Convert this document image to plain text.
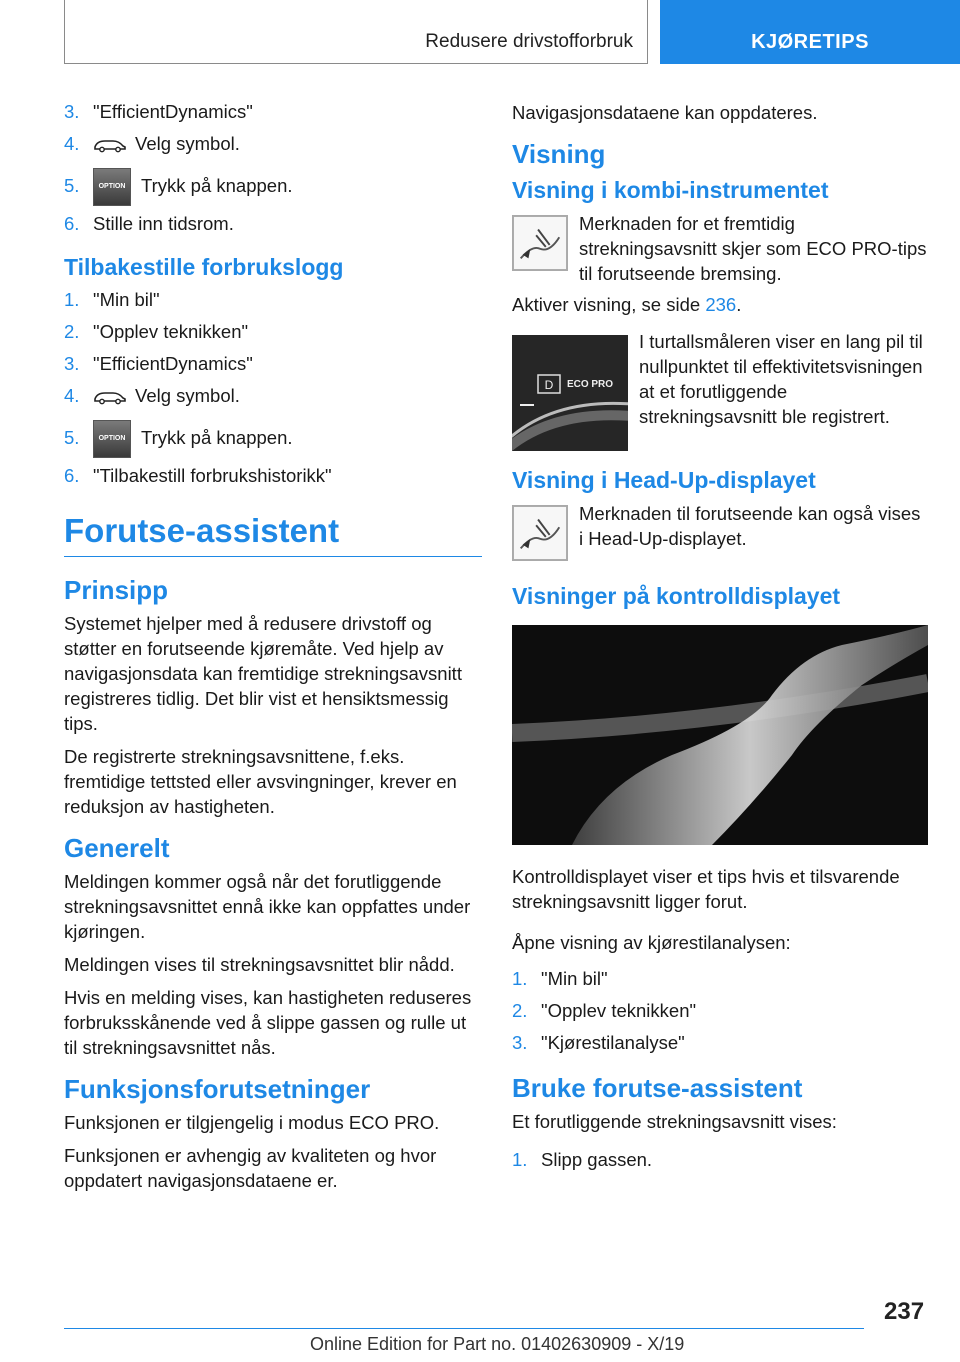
Redusere drivstofforbruk	KJØRETIPS
3. "EfficientDynamics"
4.	Velg symbol.
5.	OPTION Trykk på knappen.
6. Stille inn tidsrom.
Tilbakestille forbrukslogg
1. "Min bil"
2. "Opplev teknikken"
3. "EfficientDynamics"
4.	Velg symbol.
5.	OPTION Trykk på knappen.
6. "Tilbakestill forbrukshistorikk"
Forutse-assistent
Prinsipp

Systemet hjelper med å redusere drivstoff og støtter en forutseende kjøremåte. Ved hjelp av navigasjonsdata kan fremtidige strekningsavsnitt registreres tidlig. Det blir vist et hensiktsmessig tips.

De registrerte strekningsavsnittene, f.eks. fremtidige tettsted eller avsvingninger, krever en reduksjon av hastigheten.

Generelt

Meldingen kommer også når det forutliggende strekningsavsnittet ennå ikke kan oppfattes under kjøringen.

Meldingen vises til strekningsavsnittet blir nådd.

Hvis en melding vises, kan hastigheten reduseres forbruksskånende ved å slippe gassen og rulle ut til strekningsavsnittet nås.

Funksjonsforutsetninger

Funksjonen er tilgjengelig i modus ECO PRO.

Funksjonen er avhengig av kvaliteten og hvor oppdatert navigasjonsdataene er.

Navigasjonsdataene kan oppdateres.

Visning
Visning i kombi-instrumentet
Merknaden for et fremtidig strekningsavsnitt skjer som ECO PRO-tips til forutseende bremsing.

Aktiver visning, se side 236.

D ECO PRO
I turtallsmåleren viser en lang pil til nullpunktet til effektivitetsvisningen at et forutliggende strekningsavsnitt ble registrert.
Visning i Head-Up-displayet
Merknaden til forutseende kan også vises i Head-Up-displayet.
Visninger på kontrolldisplayet

Kontrolldisplayet viser et tips hvis et tilsvarende strekningsavsnitt ligger forut.

Åpne visning av kjørestilanalysen:

1. "Min bil"
2. "Opplev teknikken"
3. "Kjørestilanalyse"
Bruke forutse-assistent

Et forutliggende strekningsavsnitt vises:

1. Slipp gassen.
237
Online Edition for Part no. 01402630909 - X/19
